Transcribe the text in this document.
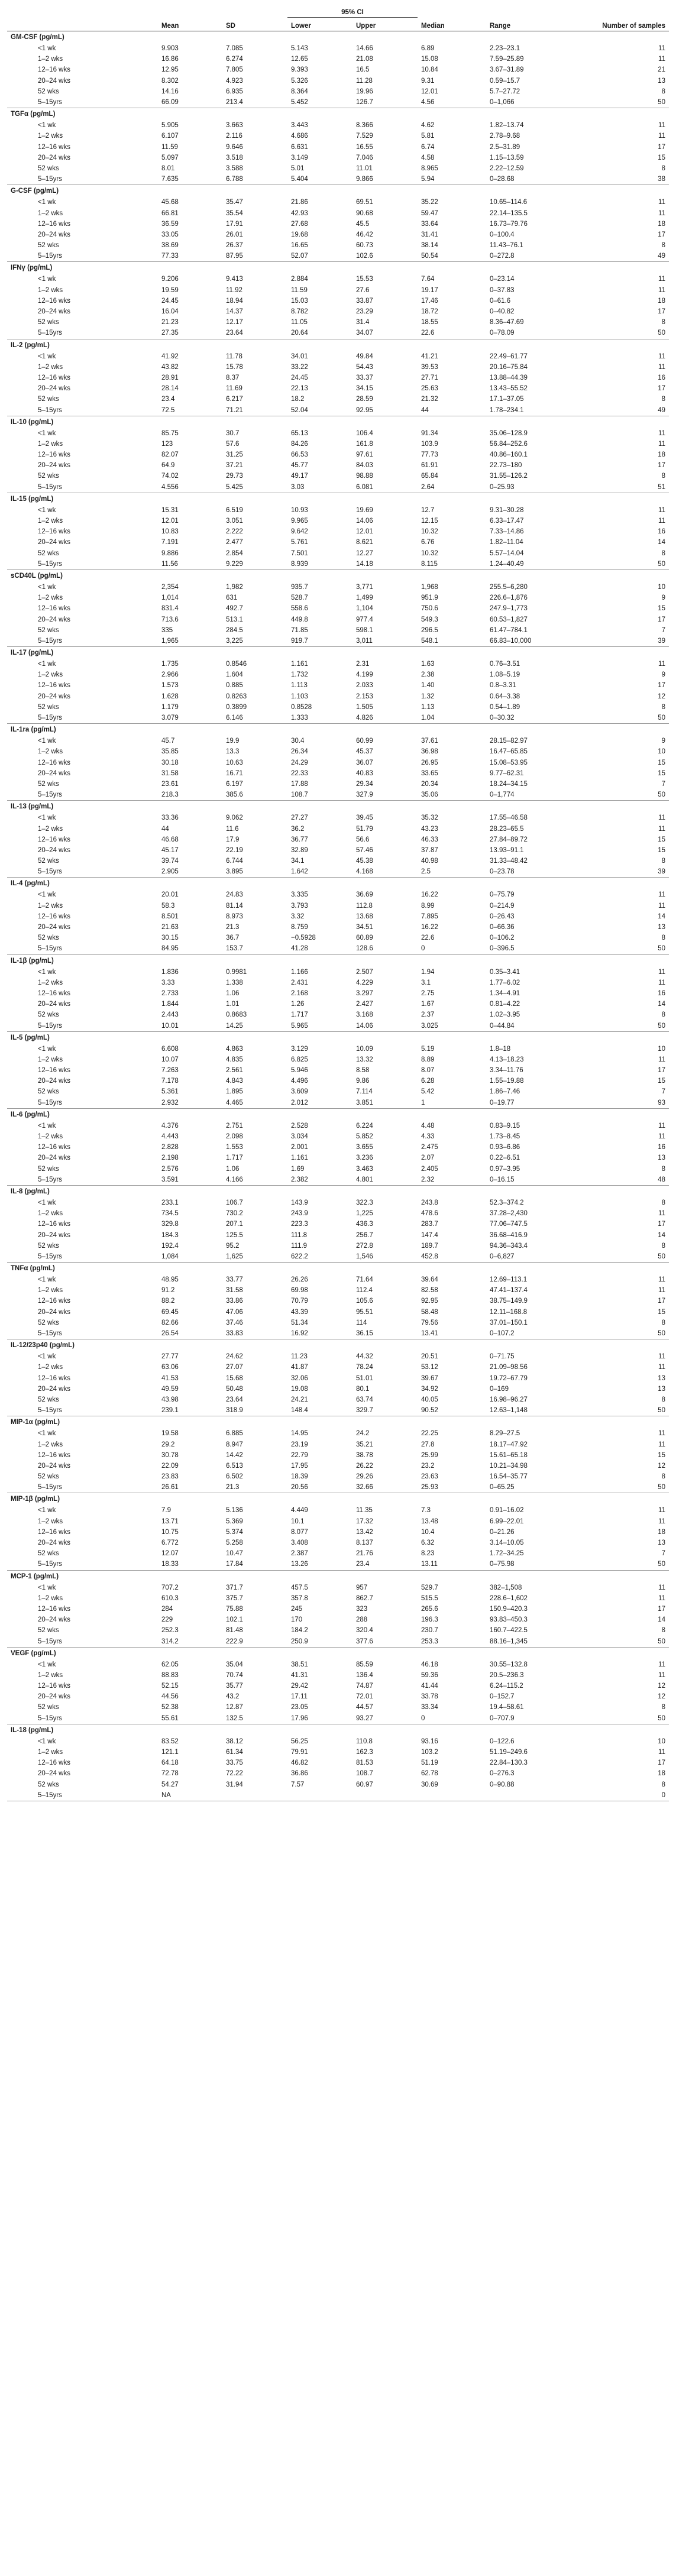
			95% CI				
	Mean	SD	Lower	Upper	Median	Range	Number of samples
GM-CSF (pg/mL)							
<1 wk	9.903	7.085	5.143	14.66	6.89	2.23–23.1	11
1–2 wks	16.86	6.274	12.65	21.08	15.08	7.59–25.89	11
12–16 wks	12.95	7.805	9.393	16.5	10.84	3.67–31.89	21
20–24 wks	8.302	4.923	5.326	11.28	9.31	0.59–15.7	13
52 wks	14.16	6.935	8.364	19.96	12.01	5.7–27.72	8
5–15yrs	66.09	213.4	5.452	126.7	4.56	0–1,066	50
TGFα (pg/mL)							
<1 wk	5.905	3.663	3.443	8.366	4.62	1.82–13.74	11
1–2 wks	6.107	2.116	4.686	7.529	5.81	2.78–9.68	11
12–16 wks	11.59	9.646	6.631	16.55	6.74	2.5–31.89	17
20–24 wks	5.097	3.518	3.149	7.046	4.58	1.15–13.59	15
52 wks	8.01	3.588	5.01	11.01	8.965	2.22–12.59	8
5–15yrs	7.635	6.788	5.404	9.866	5.94	0–28.68	38
G-CSF (pg/mL)							
<1 wk	45.68	35.47	21.86	69.51	35.22	10.65–114.6	11
1–2 wks	66.81	35.54	42.93	90.68	59.47	22.14–135.5	11
12–16 wks	36.59	17.91	27.68	45.5	33.64	16.73–79.76	18
20–24 wks	33.05	26.01	19.68	46.42	31.41	0–100.4	17
52 wks	38.69	26.37	16.65	60.73	38.14	11.43–76.1	8
5–15yrs	77.33	87.95	52.07	102.6	50.54	0–272.8	49
IFNγ (pg/mL)							
<1 wk	9.206	9.413	2.884	15.53	7.64	0–23.14	11
1–2 wks	19.59	11.92	11.59	27.6	19.17	0–37.83	11
12–16 wks	24.45	18.94	15.03	33.87	17.46	0–61.6	18
20–24 wks	16.04	14.37	8.782	23.29	18.72	0–40.82	17
52 wks	21.23	12.17	11.05	31.4	18.55	8.36–47.69	8
5–15yrs	27.35	23.64	20.64	34.07	22.6	0–78.09	50
IL-2 (pg/mL)							
<1 wk	41.92	11.78	34.01	49.84	41.21	22.49–61.77	11
1–2 wks	43.82	15.78	33.22	54.43	39.53	20.16–75.84	11
12–16 wks	28.91	8.37	24.45	33.37	27.71	13.88–44.39	16
20–24 wks	28.14	11.69	22.13	34.15	25.63	13.43–55.52	17
52 wks	23.4	6.217	18.2	28.59	21.32	17.1–37.05	8
5–15yrs	72.5	71.21	52.04	92.95	44	1.78–234.1	49
IL-10 (pg/mL)							
<1 wk	85.75	30.7	65.13	106.4	91.34	35.06–128.9	11
1–2 wks	123	57.6	84.26	161.8	103.9	56.84–252.6	11
12–16 wks	82.07	31.25	66.53	97.61	77.73	40.86–160.1	18
20–24 wks	64.9	37.21	45.77	84.03	61.91	22.73–180	17
52 wks	74.02	29.73	49.17	98.88	65.84	31.55–126.2	8
5–15yrs	4.556	5.425	3.03	6.081	2.64	0–25.93	51
IL-15 (pg/mL)							
<1 wk	15.31	6.519	10.93	19.69	12.7	9.31–30.28	11
1–2 wks	12.01	3.051	9.965	14.06	12.15	6.33–17.47	11
12–16 wks	10.83	2.222	9.642	12.01	10.32	7.33–14.86	16
20–24 wks	7.191	2.477	5.761	8.621	6.76	1.82–11.04	14
52 wks	9.886	2.854	7.501	12.27	10.32	5.57–14.04	8
5–15yrs	11.56	9.229	8.939	14.18	8.115	1.24–40.49	50
sCD40L (pg/mL)							
<1 wk	2,354	1,982	935.7	3,771	1,968	255.5–6,280	10
1–2 wks	1,014	631	528.7	1,499	951.9	226.6–1,876	9
12–16 wks	831.4	492.7	558.6	1,104	750.6	247.9–1,773	15
20–24 wks	713.6	513.1	449.8	977.4	549.3	60.53–1,827	17
52 wks	335	284.5	71.85	598.1	296.5	61.47–784.1	7
5–15yrs	1,965	3,225	919.7	3,011	548.1	66.83–10,000	39
IL-17 (pg/mL)							
<1 wk	1.735	0.8546	1.161	2.31	1.63	0.76–3.51	11
1–2 wks	2.966	1.604	1.732	4.199	2.38	1.08–5.19	9
12–16 wks	1.573	0.885	1.113	2.033	1.40	0.8–3.31	17
20–24 wks	1.628	0.8263	1.103	2.153	1.32	0.64–3.38	12
52 wks	1.179	0.3899	0.8528	1.505	1.13	0.54–1.89	8
5–15yrs	3.079	6.146	1.333	4.826	1.04	0–30.32	50
IL-1ra (pg/mL)							
<1 wk	45.7	19.9	30.4	60.99	37.61	28.15–82.97	9
1–2 wks	35.85	13.3	26.34	45.37	36.98	16.47–65.85	10
12–16 wks	30.18	10.63	24.29	36.07	26.95	15.08–53.95	15
20–24 wks	31.58	16.71	22.33	40.83	33.65	9.77–62.31	15
52 wks	23.61	6.197	17.88	29.34	20.34	18.24–34.15	7
5–15yrs	218.3	385.6	108.7	327.9	35.06	0–1,774	50
IL-13 (pg/mL)							
<1 wk	33.36	9.062	27.27	39.45	35.32	17.55–46.58	11
1–2 wks	44	11.6	36.2	51.79	43.23	28.23–65.5	11
12–16 wks	46.68	17.9	36.77	56.6	46.33	27.84–89.72	15
20–24 wks	45.17	22.19	32.89	57.46	37.87	13.93–91.1	15
52 wks	39.74	6.744	34.1	45.38	40.98	31.33–48.42	8
5–15yrs	2.905	3.895	1.642	4.168	2.5	0–23.78	39
IL-4 (pg/mL)							
<1 wk	20.01	24.83	3.335	36.69	16.22	0–75.79	11
1–2 wks	58.3	81.14	3.793	112.8	8.99	0–214.9	11
12–16 wks	8.501	8.973	3.32	13.68	7.895	0–26.43	14
20–24 wks	21.63	21.3	8.759	34.51	16.22	0–66.36	13
52 wks	30.15	36.7	−0.5928	60.89	22.6	0–106.2	8
5–15yrs	84.95	153.7	41.28	128.6	0	0–396.5	50
IL-1β (pg/mL)							
<1 wk	1.836	0.9981	1.166	2.507	1.94	0.35–3.41	11
1–2 wks	3.33	1.338	2.431	4.229	3.1	1.77–6.02	11
12–16 wks	2.733	1.06	2.168	3.297	2.75	1.34–4.91	16
20–24 wks	1.844	1.01	1.26	2.427	1.67	0.81–4.22	14
52 wks	2.443	0.8683	1.717	3.168	2.37	1.02–3.95	8
5–15yrs	10.01	14.25	5.965	14.06	3.025	0–44.84	50
IL-5 (pg/mL)							
<1 wk	6.608	4.863	3.129	10.09	5.19	1.8–18	10
1–2 wks	10.07	4.835	6.825	13.32	8.89	4.13–18.23	11
12–16 wks	7.263	2.561	5.946	8.58	8.07	3.34–11.76	17
20–24 wks	7.178	4.843	4.496	9.86	6.28	1.55–19.88	15
52 wks	5.361	1.895	3.609	7.114	5.42	1.86–7.46	7
5–15yrs	2.932	4.465	2.012	3.851	1	0–19.77	93
IL-6 (pg/mL)							
<1 wk	4.376	2.751	2.528	6.224	4.48	0.83–9.15	11
1–2 wks	4.443	2.098	3.034	5.852	4.33	1.73–8.45	11
12–16 wks	2.828	1.553	2.001	3.655	2.475	0.93–6.86	16
20–24 wks	2.198	1.717	1.161	3.236	2.07	0.22–6.51	13
52 wks	2.576	1.06	1.69	3.463	2.405	0.97–3.95	8
5–15yrs	3.591	4.166	2.382	4.801	2.32	0–16.15	48
IL-8 (pg/mL)							
<1 wk	233.1	106.7	143.9	322.3	243.8	52.3–374.2	8
1–2 wks	734.5	730.2	243.9	1,225	478.6	37.28–2,430	11
12–16 wks	329.8	207.1	223.3	436.3	283.7	77.06–747.5	17
20–24 wks	184.3	125.5	111.8	256.7	147.4	36.68–416.9	14
52 wks	192.4	95.2	111.9	272.8	189.7	94.36–343.4	8
5–15yrs	1,084	1,625	622.2	1,546	452.8	0–6,827	50
TNFα (pg/mL)							
<1 wk	48.95	33.77	26.26	71.64	39.64	12.69–113.1	11
1–2 wks	91.2	31.58	69.98	112.4	82.58	47.41–137.4	11
12–16 wks	88.2	33.86	70.79	105.6	92.95	38.75–149.9	17
20–24 wks	69.45	47.06	43.39	95.51	58.48	12.11–168.8	15
52 wks	82.66	37.46	51.34	114	79.56	37.01–150.1	8
5–15yrs	26.54	33.83	16.92	36.15	13.41	0–107.2	50
IL-12/23p40 (pg/mL)							
<1 wk	27.77	24.62	11.23	44.32	20.51	0–71.75	11
1–2 wks	63.06	27.07	41.87	78.24	53.12	21.09–98.56	11
12–16 wks	41.53	15.68	32.06	51.01	39.67	19.72–67.79	13
20–24 wks	49.59	50.48	19.08	80.1	34.92	0–169	13
52 wks	43.98	23.64	24.21	63.74	40.05	16.98–96.27	8
5–15yrs	239.1	318.9	148.4	329.7	90.52	12.63–1,148	50
MIP-1α (pg/mL)							
<1 wk	19.58	6.885	14.95	24.2	22.25	8.29–27.5	11
1–2 wks	29.2	8.947	23.19	35.21	27.8	18.17–47.92	11
12–16 wks	30.78	14.42	22.79	38.78	25.99	15.61–65.18	15
20–24 wks	22.09	6.513	17.95	26.22	23.2	10.21–34.98	12
52 wks	23.83	6.502	18.39	29.26	23.63	16.54–35.77	8
5–15yrs	26.61	21.3	20.56	32.66	25.93	0–65.25	50
MIP-1β (pg/mL)							
<1 wk	7.9	5.136	4.449	11.35	7.3	0.91–16.02	11
1–2 wks	13.71	5.369	10.1	17.32	13.48	6.99–22.01	11
12–16 wks	10.75	5.374	8.077	13.42	10.4	0–21.26	18
20–24 wks	6.772	5.258	3.408	8.137	6.32	3.14–10.05	13
52 wks	12.07	10.47	2.387	21.76	8.23	1.72–34.25	7
5–15yrs	18.33	17.84	13.26	23.4	13.11	0–75.98	50
MCP-1 (pg/mL)							
<1 wk	707.2	371.7	457.5	957	529.7	382–1,508	11
1–2 wks	610.3	375.7	357.8	862.7	515.5	228.6–1,602	11
12–16 wks	284	75.88	245	323	265.6	150.9–420.3	17
20–24 wks	229	102.1	170	288	196.3	93.83–450.3	14
52 wks	252.3	81.48	184.2	320.4	230.7	160.7–422.5	8
5–15yrs	314.2	222.9	250.9	377.6	253.3	88.16–1,345	50
VEGF (pg/mL)							
<1 wk	62.05	35.04	38.51	85.59	46.18	30.55–132.8	11
1–2 wks	88.83	70.74	41.31	136.4	59.36	20.5–236.3	11
12–16 wks	52.15	35.77	29.42	74.87	41.44	6.24–115.2	12
20–24 wks	44.56	43.2	17.11	72.01	33.78	0–152.7	12
52 wks	52.38	12.87	23.05	44.57	33.34	19.4–58.61	8
5–15yrs	55.61	132.5	17.96	93.27	0	0–707.9	50
IL-18 (pg/mL)							
<1 wk	83.52	38.12	56.25	110.8	93.16	0–122.6	10
1–2 wks	121.1	61.34	79.91	162.3	103.2	51.19–249.6	11
12–16 wks	64.18	33.75	46.82	81.53	51.19	22.84–130.3	17
20–24 wks	72.78	72.22	36.86	108.7	62.78	0–276.3	18
52 wks	54.27	31.94	7.57	60.97	30.69	0–90.88	8
5–15yrs	NA						0
